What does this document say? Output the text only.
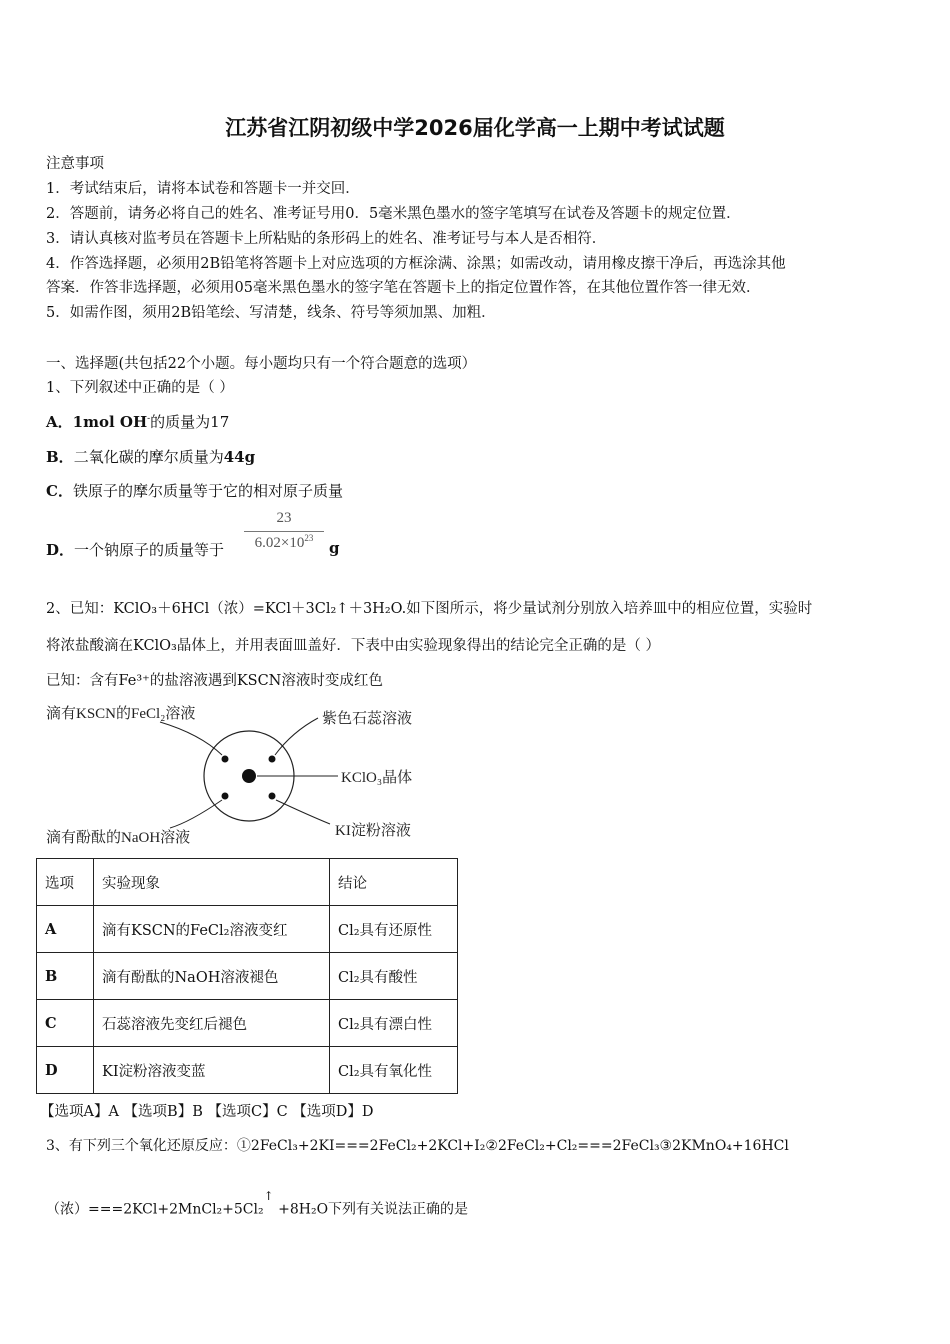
江苏省江阴初级中学2026届化学高一上期中考试试题
注意事项
1．考试结束后，请将本试卷和答题卡一并交回．
2．答题前，请务必将自己的姓名、准考证号用0．5毫米黑色墨水的签字笔填写在试卷及答题卡的规定位置．
3．请认真核对监考员在答题卡上所粘贴的条形码上的姓名、准考证号与本人是否相符．
4．作答选择题，必须用2B铅笔将答题卡上对应选项的方框涂满、涂黑；如需改动，请用橡皮擦干净后，再选涂其他
答案．作答非选择题，必须用05毫米黑色墨水的签字笔在答题卡上的指定位置作答，在其他位置作答一律无效．
5．如需作图，须用2B铅笔绘、写清楚，线条、符号等须加黑、加粗．
一、选择题(共包括22个小题。每小题均只有一个符合题意的选项）
1、下列叙述中正确的是（ ）
A．1mol OH-的质量为17
B．二氧化碳的摩尔质量为44g
C．铁原子的摩尔质量等于它的相对原子质量
D．一个钠原子的质量等于
23
$6.02\times 10^{23}$
g
2、已知：KClO₃＋6HCl（浓）=KCl＋3Cl₂↑＋3H₂O.如下图所示，将少量试剂分别放入培养皿中的相应位置，实验时
将浓盐酸滴在KClO₃晶体上，并用表面皿盖好．下表中由实验现象得出的结论完全正确的是（ ）
已知：含有Fe³⁺的盐溶液遇到KSCN溶液时变成红色
滴有KSCN的FeCl₂溶液	紫色石蕊溶液
KClO₃晶体
KI淀粉溶液
滴有酚酞的NaOH溶液
选项	实验现象	结论
A	滴有KSCN的FeCl₂溶液变红	Cl₂具有还原性
B	滴有酚酞的NaOH溶液褪色	Cl₂具有酸性
C	石蕊溶液先变红后褪色	Cl₂具有漂白性
D	KI淀粉溶液变蓝	Cl₂具有氧化性
【选项A】A 【选项B】B 【选项C】C 【选项D】D
3、有下列三个氧化还原反应：①2FeCl₃+2KI===2FeCl₂+2KCl+I₂②2FeCl₂+Cl₂===2FeCl₃③2KMnO₄+16HCl
（浓）===2KCl+2MnCl₂+5Cl₂↑ +8H₂O下列有关说法正确的是
